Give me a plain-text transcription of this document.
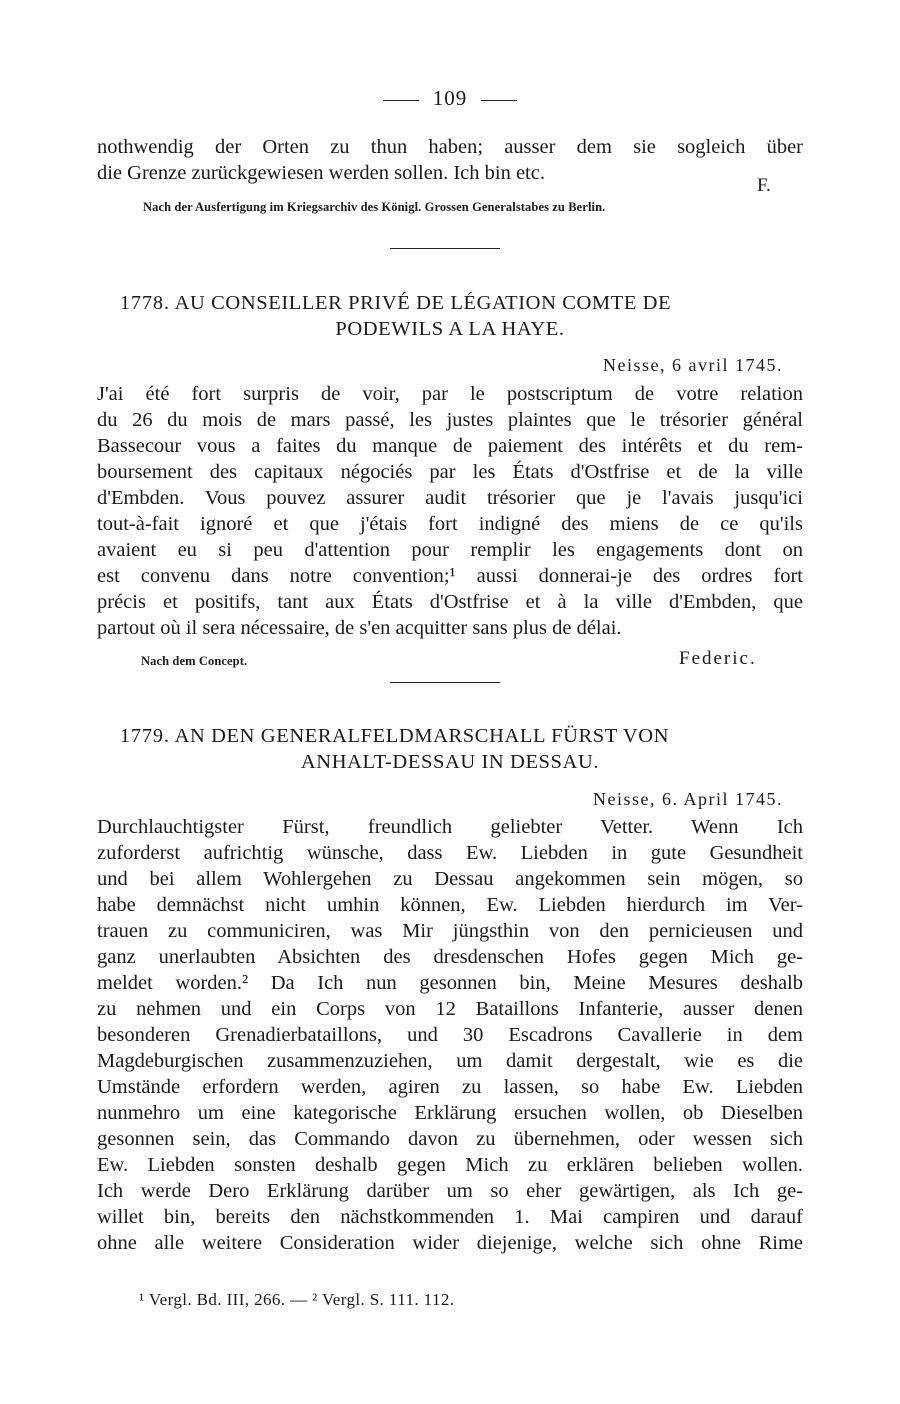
109
nothwendig der Orten zu thun haben; ausser dem sie sogleich über
die Grenze zurückgewiesen werden sollen. Ich bin etc.
F.
Nach der Ausfertigung im Kriegsarchiv des Königl. Grossen Generalstabes zu Berlin.
1778. AU CONSEILLER PRIVÉ DE LÉGATION COMTE DE
PODEWILS A LA HAYE.
Neisse, 6 avril 1745.
J'ai été fort surpris de voir, par le postscriptum de votre relation
du 26 du mois de mars passé, les justes plaintes que le trésorier général
Bassecour vous a faites du manque de paiement des intérêts et du rem-
boursement des capitaux négociés par les États d'Ostfrise et de la ville
d'Embden. Vous pouvez assurer audit trésorier que je l'avais jusqu'ici
tout-à-fait ignoré et que j'étais fort indigné des miens de ce qu'ils
avaient eu si peu d'attention pour remplir les engagements dont on
est convenu dans notre convention;¹ aussi donnerai-je des ordres fort
précis et positifs, tant aux États d'Ostfrise et à la ville d'Embden, que
partout où il sera nécessaire, de s'en acquitter sans plus de délai.
Nach dem Concept.	Federic.
1779. AN DEN GENERALFELDMARSCHALL FÜRST VON
ANHALT-DESSAU IN DESSAU.
Neisse, 6. April 1745.
Durchlauchtigster Fürst, freundlich geliebter Vetter. Wenn Ich
zuforderst aufrichtig wünsche, dass Ew. Liebden in gute Gesundheit
und bei allem Wohlergehen zu Dessau angekommen sein mögen, so
habe demnächst nicht umhin können, Ew. Liebden hierdurch im Ver-
trauen zu communiciren, was Mir jüngsthin von den pernicieusen und
ganz unerlaubten Absichten des dresdenschen Hofes gegen Mich ge-
meldet worden.² Da Ich nun gesonnen bin, Meine Mesures deshalb
zu nehmen und ein Corps von 12 Bataillons Infanterie, ausser denen
besonderen Grenadierbataillons, und 30 Escadrons Cavallerie in dem
Magdeburgischen zusammenzuziehen, um damit dergestalt, wie es die
Umstände erfordern werden, agiren zu lassen, so habe Ew. Liebden
nunmehro um eine kategorische Erklärung ersuchen wollen, ob Dieselben
gesonnen sein, das Commando davon zu übernehmen, oder wessen sich
Ew. Liebden sonsten deshalb gegen Mich zu erklären belieben wollen.
Ich werde Dero Erklärung darüber um so eher gewärtigen, als Ich ge-
willet bin, bereits den nächstkommenden 1. Mai campiren und darauf
ohne alle weitere Consideration wider diejenige, welche sich ohne Rime
¹ Vergl. Bd. III, 266. — ² Vergl. S. 111. 112.
